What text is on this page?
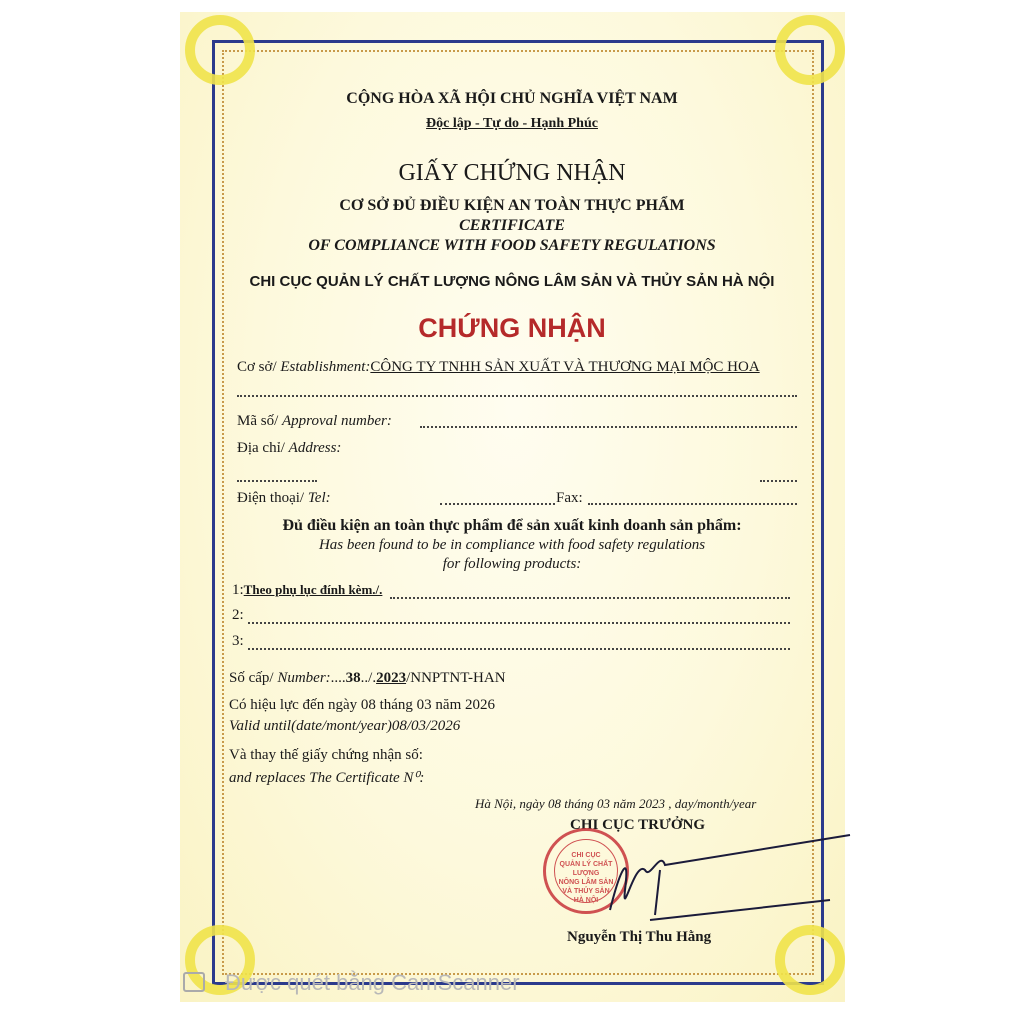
CỘNG HÒA XÃ HỘI CHỦ NGHĨA VIỆT NAM
Độc lập - Tự do - Hạnh Phúc
GIẤY CHỨNG NHẬN
CƠ SỞ ĐỦ ĐIỀU KIỆN AN TOÀN THỰC PHẨM
CERTIFICATE
OF COMPLIANCE WITH FOOD SAFETY REGULATIONS
CHI CỤC QUẢN LÝ CHẤT LƯỢNG NÔNG LÂM SẢN VÀ THỦY SẢN HÀ NỘI
CHỨNG NHẬN
Cơ sở/ Establishment:CÔNG TY TNHH SẢN XUẤT VÀ THƯƠNG MẠI MỘC HOA
Mã số/ Approval number:
Địa chỉ/ Address:
Điện thoại/ Tel:	Fax:
Đủ điều kiện an toàn thực phẩm để sản xuất kinh doanh sản phẩm:
Has been found to be in compliance with food safety regulations
for following products:
1:Theo phụ lục đính kèm./.
2:
3:
Số cấp/ Number:....38../.2023/NNPTNT-HAN
Có hiệu lực đến ngày 08 tháng 03 năm 2026
Valid until(date/mont/year)08/03/2026
Và thay thế giấy chứng nhận số:
and replaces The Certificate N⁰:
Hà Nội, ngày 08 tháng 03 năm 2023 , day/month/year
CHI CỤC TRƯỞNG
CHI CỤC
QUẢN LÝ CHẤT LƯỢNG
NÔNG LÂM SẢN
VÀ THỦY SẢN
HÀ NỘI
Nguyễn Thị Thu Hằng
Được quét bằng CamScanner
